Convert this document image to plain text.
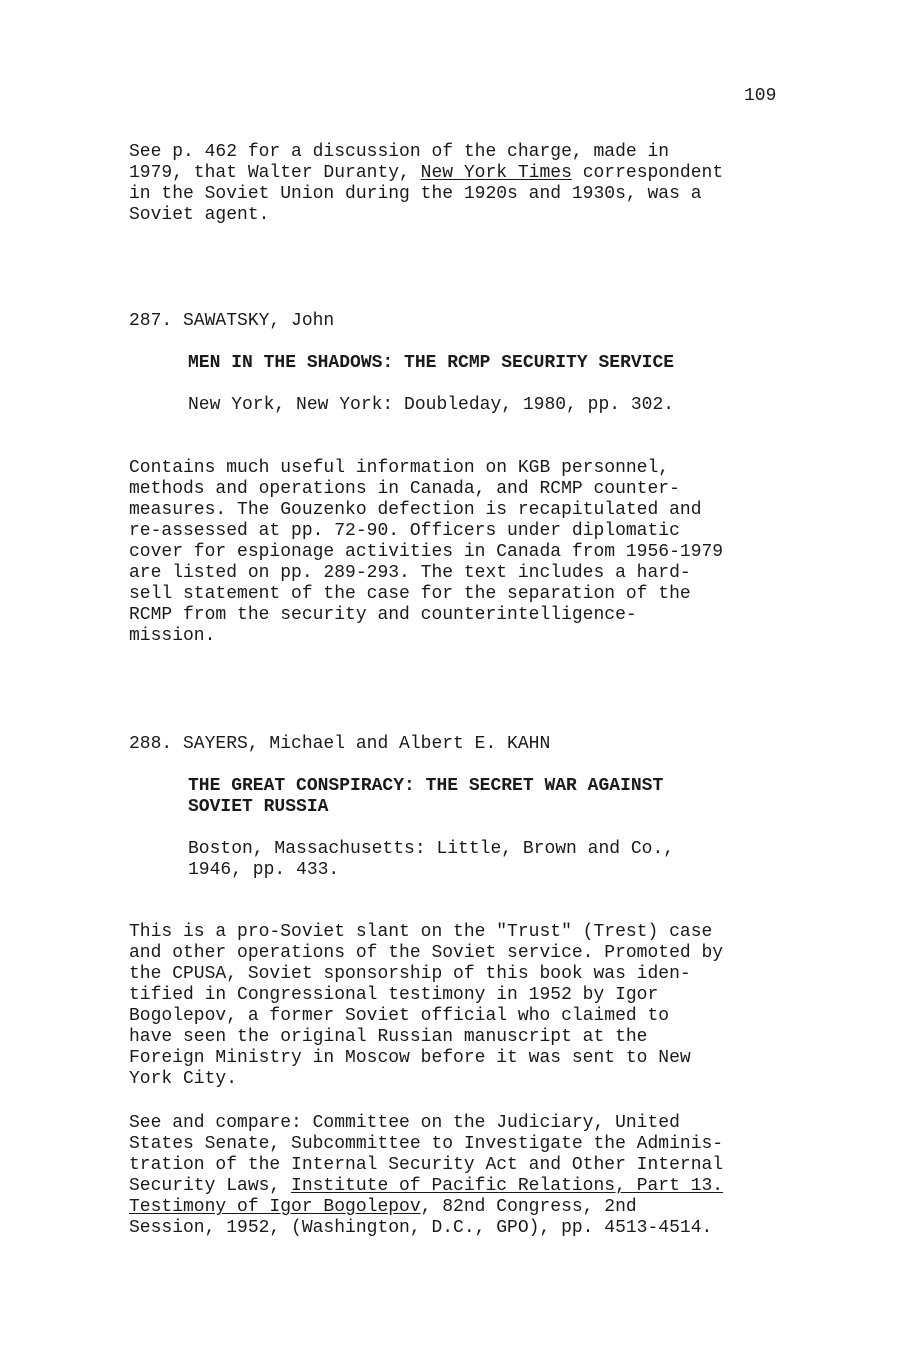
109
See p. 462 for a discussion of the charge, made in
1979, that Walter Duranty, New York Times correspondent
in the Soviet Union during the 1920s and 1930s, was a
Soviet agent.
287. SAWATSKY, John
MEN IN THE SHADOWS: THE RCMP SECURITY SERVICE
New York, New York: Doubleday, 1980, pp. 302.
Contains much useful information on KGB personnel,
methods and operations in Canada, and RCMP counter-
measures. The Gouzenko defection is recapitulated and
re-assessed at pp. 72-90. Officers under diplomatic
cover for espionage activities in Canada from 1956-1979
are listed on pp. 289-293. The text includes a hard-
sell statement of the case for the separation of the
RCMP from the security and counterintelligence-
mission.
288. SAYERS, Michael and Albert E. KAHN
THE GREAT CONSPIRACY: THE SECRET WAR AGAINST
SOVIET RUSSIA
Boston, Massachusetts: Little, Brown and Co.,
1946, pp. 433.
This is a pro-Soviet slant on the "Trust" (Trest) case
and other operations of the Soviet service. Promoted by
the CPUSA, Soviet sponsorship of this book was iden-
tified in Congressional testimony in 1952 by Igor
Bogolepov, a former Soviet official who claimed to
have seen the original Russian manuscript at the
Foreign Ministry in Moscow before it was sent to New
York City.
See and compare: Committee on the Judiciary, United
States Senate, Subcommittee to Investigate the Adminis-
tration of the Internal Security Act and Other Internal
Security Laws, Institute of Pacific Relations, Part 13.
Testimony of Igor Bogolepov, 82nd Congress, 2nd
Session, 1952, (Washington, D.C., GPO), pp. 4513-4514.
